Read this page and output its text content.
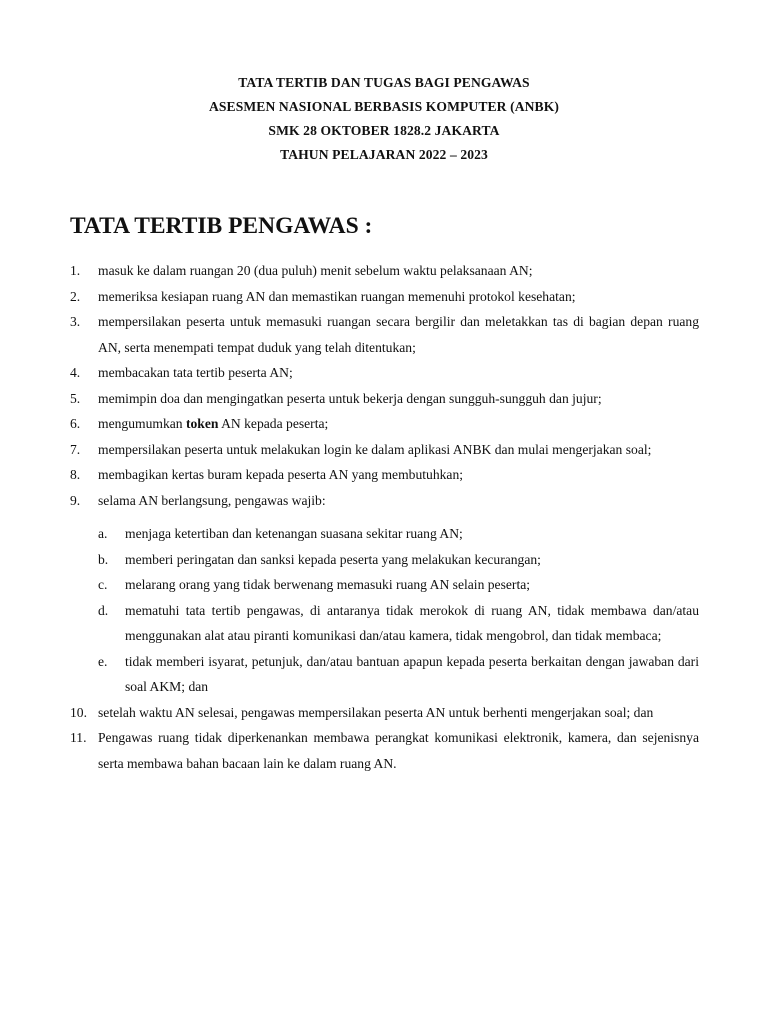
TATA TERTIB DAN TUGAS BAGI PENGAWAS
ASESMEN NASIONAL BERBASIS KOMPUTER (ANBK)
SMK 28 OKTOBER 1828.2 JAKARTA
TAHUN PELAJARAN 2022 – 2023
TATA TERTIB PENGAWAS :
1.	masuk ke dalam ruangan 20 (dua puluh) menit sebelum waktu pelaksanaan AN;
2.	memeriksa kesiapan ruang AN dan memastikan ruangan memenuhi protokol kesehatan;
3.	mempersilakan peserta untuk memasuki ruangan secara bergilir dan meletakkan tas di bagian depan ruang AN, serta menempati tempat duduk yang telah ditentukan;
4.	membacakan tata tertib peserta AN;
5.	memimpin doa dan mengingatkan peserta untuk bekerja dengan sungguh-sungguh dan jujur;
6.	mengumumkan token AN kepada peserta;
7.	mempersilakan peserta untuk melakukan login ke dalam aplikasi ANBK dan mulai mengerjakan soal;
8.	membagikan kertas buram kepada peserta AN yang membutuhkan;
9.	selama AN berlangsung, pengawas wajib:
a. menjaga ketertiban dan ketenangan suasana sekitar ruang AN;
b. memberi peringatan dan sanksi kepada peserta yang melakukan kecurangan;
c. melarang orang yang tidak berwenang memasuki ruang AN selain peserta;
d. mematuhi tata tertib pengawas, di antaranya tidak merokok di ruang AN, tidak membawa dan/atau menggunakan alat atau piranti komunikasi dan/atau kamera, tidak mengobrol, dan tidak membaca;
e. tidak memberi isyarat, petunjuk, dan/atau bantuan apapun kepada peserta berkaitan dengan jawaban dari soal AKM; dan
10. setelah waktu AN selesai, pengawas mempersilakan peserta AN untuk berhenti mengerjakan soal; dan
11. Pengawas ruang tidak diperkenankan membawa perangkat komunikasi elektronik, kamera, dan sejenisnya serta membawa bahan bacaan lain ke dalam ruang AN.
